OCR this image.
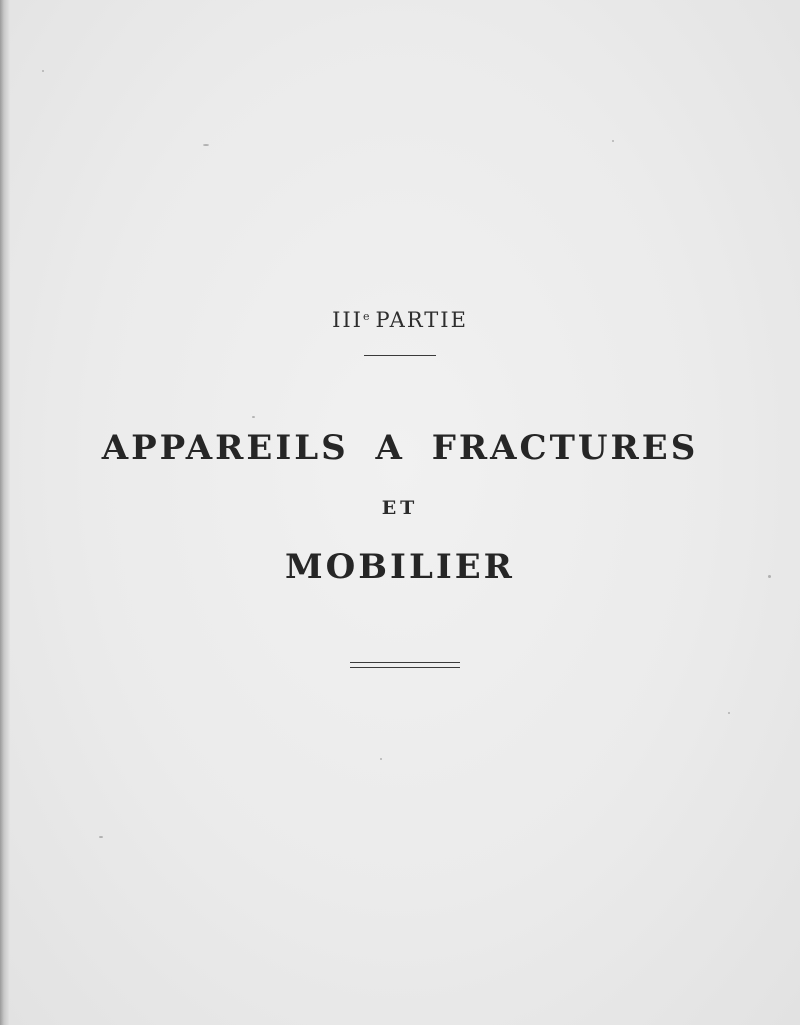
IIIe PARTIE
APPAREILS A FRACTURES
ET
MOBILIER
